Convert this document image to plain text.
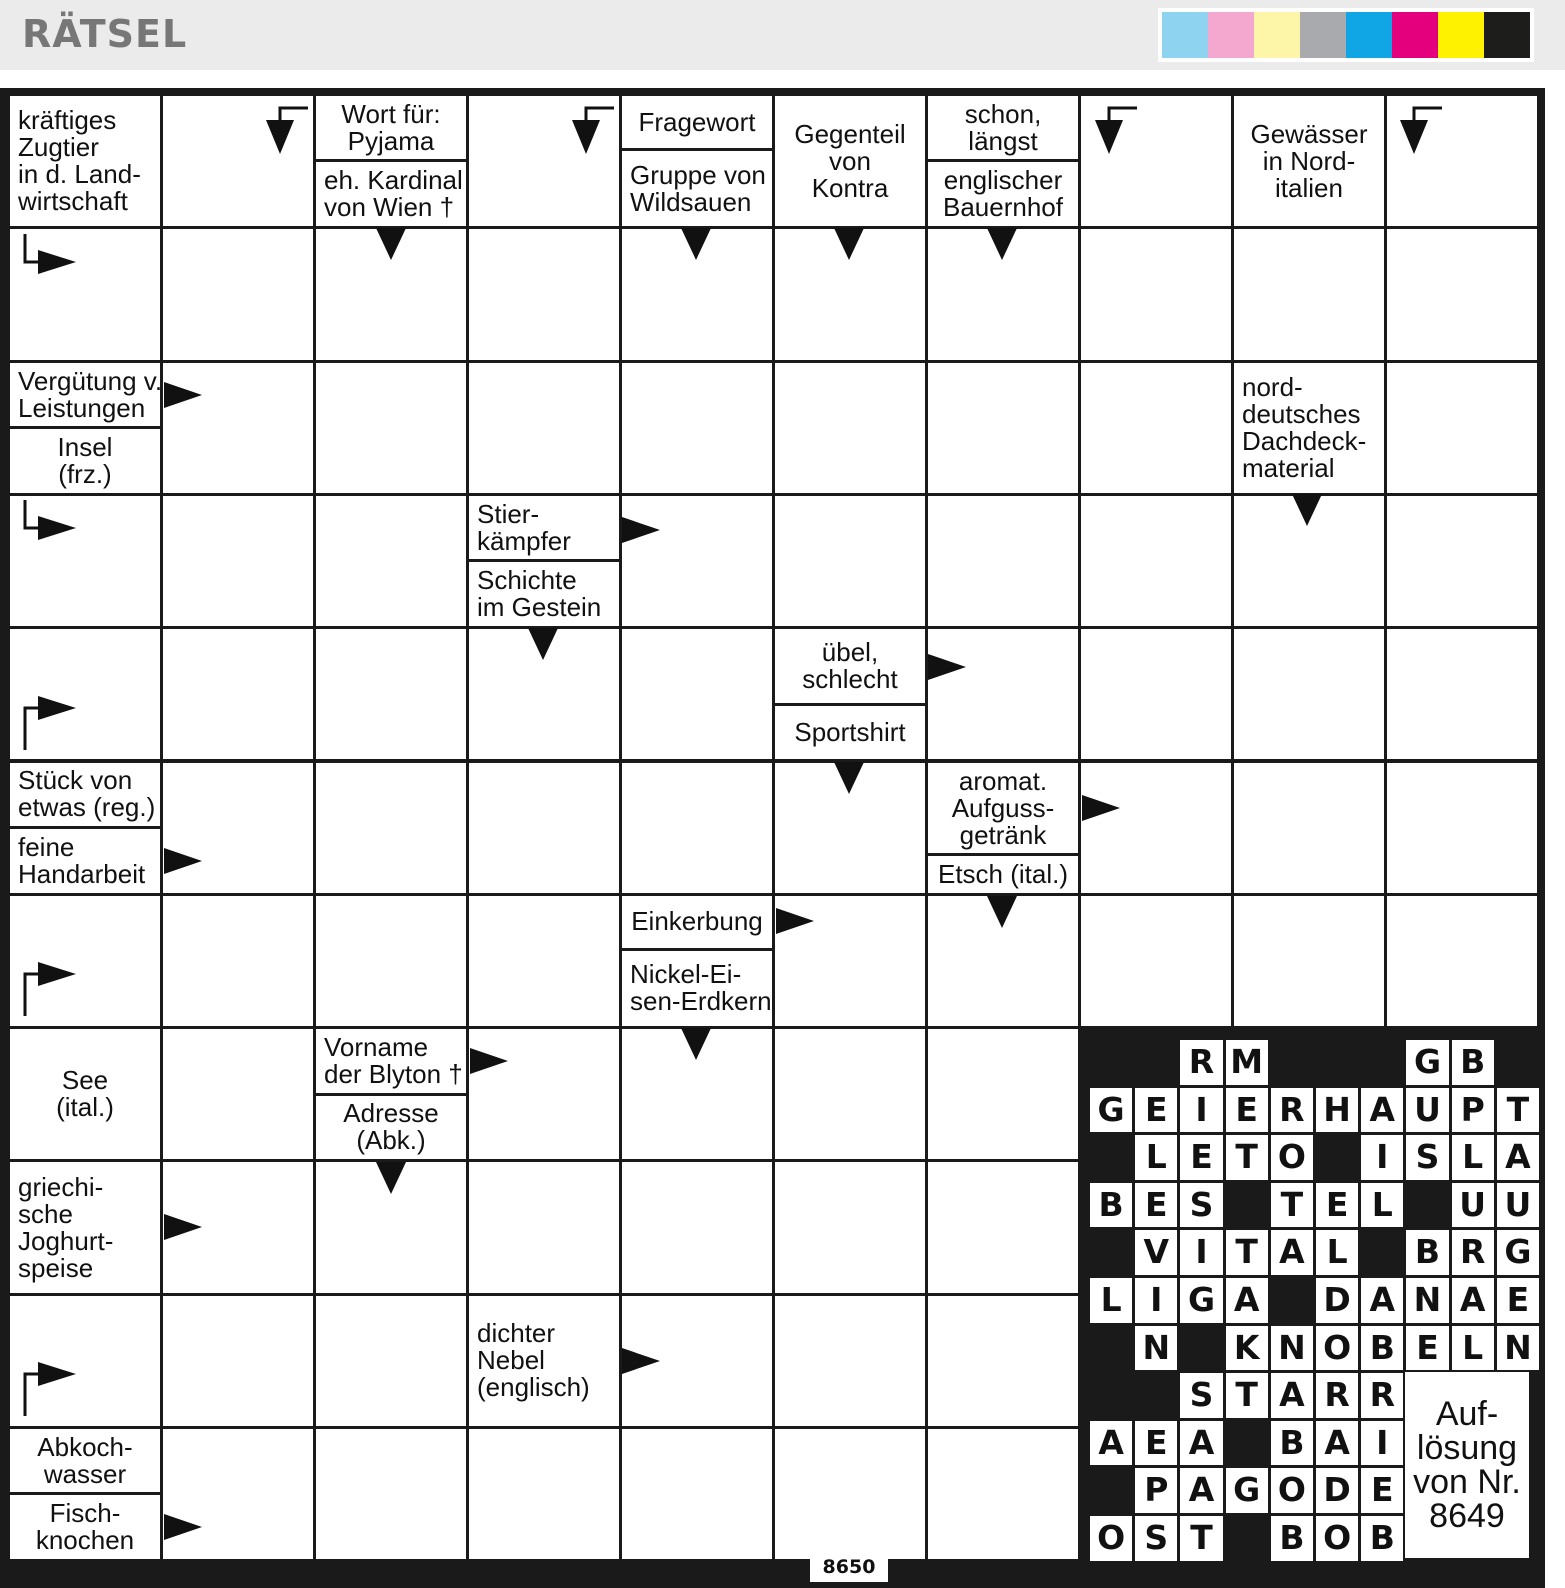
RÄTSEL
kräftiges
Zugtier
in d. Land-
wirtschaft
Wort für:
Pyjama
eh. Kardinal
von Wien †
Fragewort
Gruppe von
Wildsauen
Gegenteil
von
Kontra
schon,
längst
englischer
Bauernhof
Gewässer
in Nord-
italien
Vergütung v.
Leistungen
Insel
(frz.)
nord-
deutsches
Dachdeck-
material
Stier-
kämpfer
Schichte
im Gestein
übel,
schlecht
Sportshirt
Stück von
etwas (reg.)
feine
Handarbeit
aromat.
Aufguss-
getränk
Etsch (ital.)
Einkerbung
Nickel-Ei-
sen-Erdkern
See
(ital.)
Vorname
der Blyton †
Adresse
(Abk.)
griechi-
sche
Joghurt-
speise
dichter
Nebel
(englisch)
Abkoch-
wasser
Fisch-
knochen
R M	G B
G E I E R H A U P T
L E T O	I S L A
B E S T E L	U U
V I T A L	B R G
L I G A D A N A E
N K N O B E L N
S T A R R
A E A B A I
P A G O D E
O S T B O B
Auf-
lösung
von Nr.
8649
8650
